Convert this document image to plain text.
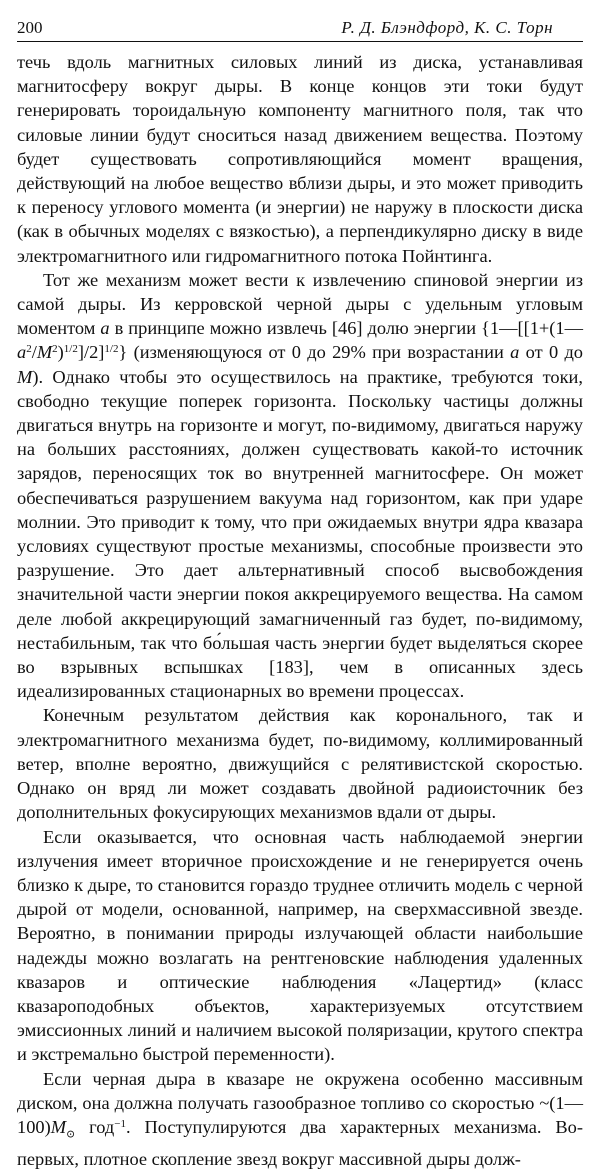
200	Р. Д. Блэндфорд, К. С. Торн

течь вдоль магнитных силовых линий из диска, устанавливая магнитосферу вокруг дыры. В конце концов эти токи будут генерировать тороидальную компоненту магнитного поля, так что силовые линии будут сноситься назад движением вещества. Поэтому будет существовать сопротивляющийся момент вращения, действующий на любое вещество вблизи дыры, и это может приводить к переносу углового момента (и энергии) не наружу в плоскости диска (как в обычных моделях с вязкостью), а перпендикулярно диску в виде электромагнитного или гидромагнитного потока Пойнтинга.

Тот же механизм может вести к извлечению спиновой энергии из самой дыры. Из керровской черной дыры с удельным угловым моментом a в принципе можно извлечь [46] долю энергии $\{1—[[1+(1—a^2/M^2)^{1/2}]/2]^{1/2}\}$ (изменяющуюся от 0 до 29% при возрастании a от 0 до M). Однако чтобы это осуществилось на практике, требуются токи, свободно текущие поперек горизонта. Поскольку частицы должны двигаться внутрь на горизонте и могут, по-видимому, двигаться наружу на больших расстояниях, должен существовать какой-то источник зарядов, переносящих ток во внутренней магнитосфере. Он может обеспечиваться разрушением вакуума над горизонтом, как при ударе молнии. Это приводит к тому, что при ожидаемых внутри ядра квазара условиях существуют простые механизмы, способные произвести это разрушение. Это дает альтернативный способ высвобождения значительной части энергии покоя аккрецируемого вещества. На самом деле любой аккрецирующий замагниченный газ будет, по-видимому, нестабильным, так что бо́льшая часть энергии будет выделяться скорее во взрывных вспышках [183], чем в описанных здесь идеализированных стационарных во времени процессах.

Конечным результатом действия как коронального, так и электромагнитного механизма будет, по-видимому, коллимированный ветер, вполне вероятно, движущийся с релятивистской скоростью. Однако он вряд ли может создавать двойной радиоисточник без дополнительных фокусирующих механизмов вдали от дыры.

Если оказывается, что основная часть наблюдаемой энергии излучения имеет вторичное происхождение и не генерируется очень близко к дыре, то становится гораздо труднее отличить модель с черной дырой от модели, основанной, например, на сверхмассивной звезде. Вероятно, в понимании природы излучающей области наибольшие надежды можно возлагать на рентгеновские наблюдения удаленных квазаров и оптические наблюдения «Лацертид» (класс квазароподобных объектов, характеризуемых отсутствием эмиссионных линий и наличием высокой поляризации, крутого спектра и экстремально быстрой переменности).

Если черная дыра в квазаре не окружена особенно массивным диском, она должна получать газообразное топливо со скоростью $\sim(1—100)M_⊙$ год$^{-1}$. Поступулируются два характерных механизма. Во-первых, плотное скопление звезд вокруг массивной дыры долж-
